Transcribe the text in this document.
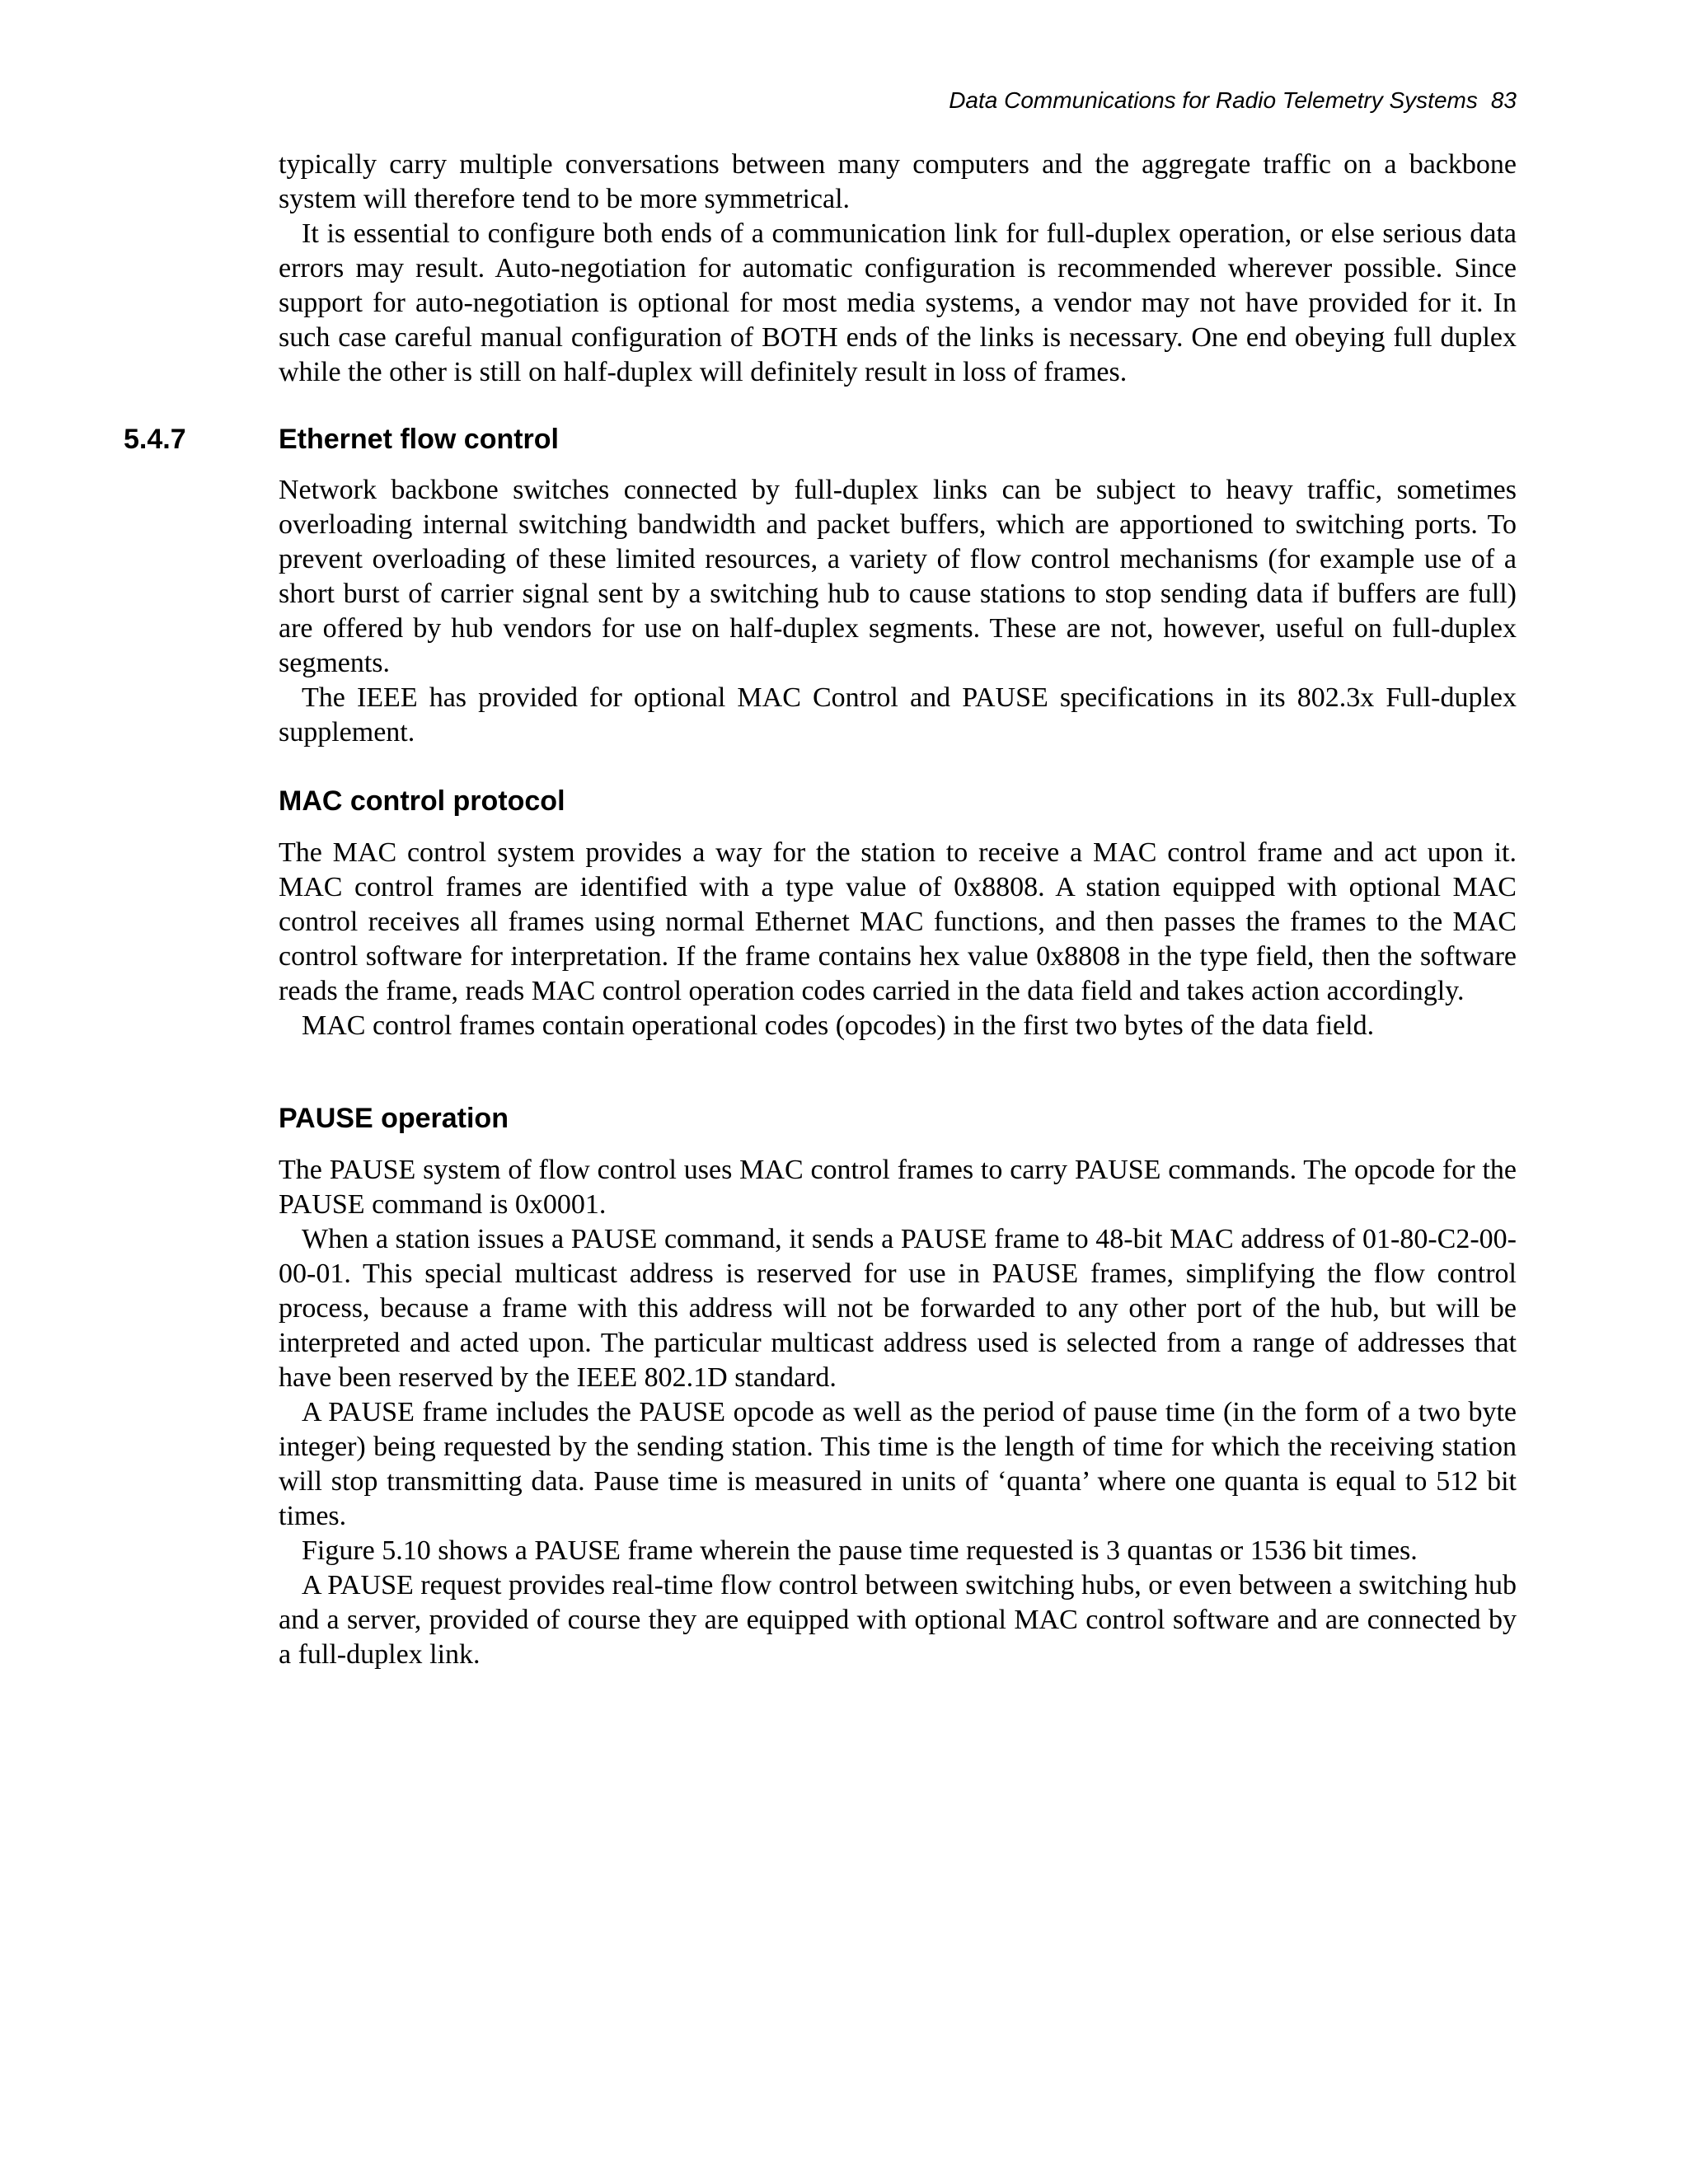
Data Communications for Radio Telemetry Systems 83

typically carry multiple conversations between many computers and the aggregate traffic on a backbone system will therefore tend to be more symmetrical.

It is essential to configure both ends of a communication link for full-duplex operation, or else serious data errors may result. Auto-negotiation for automatic configuration is recommended wherever possible. Since support for auto-negotiation is optional for most media systems, a vendor may not have provided for it. In such case careful manual configuration of BOTH ends of the links is necessary. One end obeying full duplex while the other is still on half-duplex will definitely result in loss of frames.

5.4.7	Ethernet flow control

Network backbone switches connected by full-duplex links can be subject to heavy traffic, sometimes overloading internal switching bandwidth and packet buffers, which are apportioned to switching ports. To prevent overloading of these limited resources, a variety of flow control mechanisms (for example use of a short burst of carrier signal sent by a switching hub to cause stations to stop sending data if buffers are full) are offered by hub vendors for use on half-duplex segments. These are not, however, useful on full-duplex segments.

The IEEE has provided for optional MAC Control and PAUSE specifications in its 802.3x Full-duplex supplement.

MAC control protocol

The MAC control system provides a way for the station to receive a MAC control frame and act upon it. MAC control frames are identified with a type value of 0x8808. A station equipped with optional MAC control receives all frames using normal Ethernet MAC functions, and then passes the frames to the MAC control software for interpretation. If the frame contains hex value 0x8808 in the type field, then the software reads the frame, reads MAC control operation codes carried in the data field and takes action accordingly.

MAC control frames contain operational codes (opcodes) in the first two bytes of the data field.

PAUSE operation

The PAUSE system of flow control uses MAC control frames to carry PAUSE commands. The opcode for the PAUSE command is 0x0001.

When a station issues a PAUSE command, it sends a PAUSE frame to 48-bit MAC address of 01-80-C2-00-00-01. This special multicast address is reserved for use in PAUSE frames, simplifying the flow control process, because a frame with this address will not be forwarded to any other port of the hub, but will be interpreted and acted upon. The particular multicast address used is selected from a range of addresses that have been reserved by the IEEE 802.1D standard.

A PAUSE frame includes the PAUSE opcode as well as the period of pause time (in the form of a two byte integer) being requested by the sending station. This time is the length of time for which the receiving station will stop transmitting data. Pause time is measured in units of ‘quanta’ where one quanta is equal to 512 bit times.

Figure 5.10 shows a PAUSE frame wherein the pause time requested is 3 quantas or 1536 bit times.

A PAUSE request provides real-time flow control between switching hubs, or even between a switching hub and a server, provided of course they are equipped with optional MAC control software and are connected by a full-duplex link.
